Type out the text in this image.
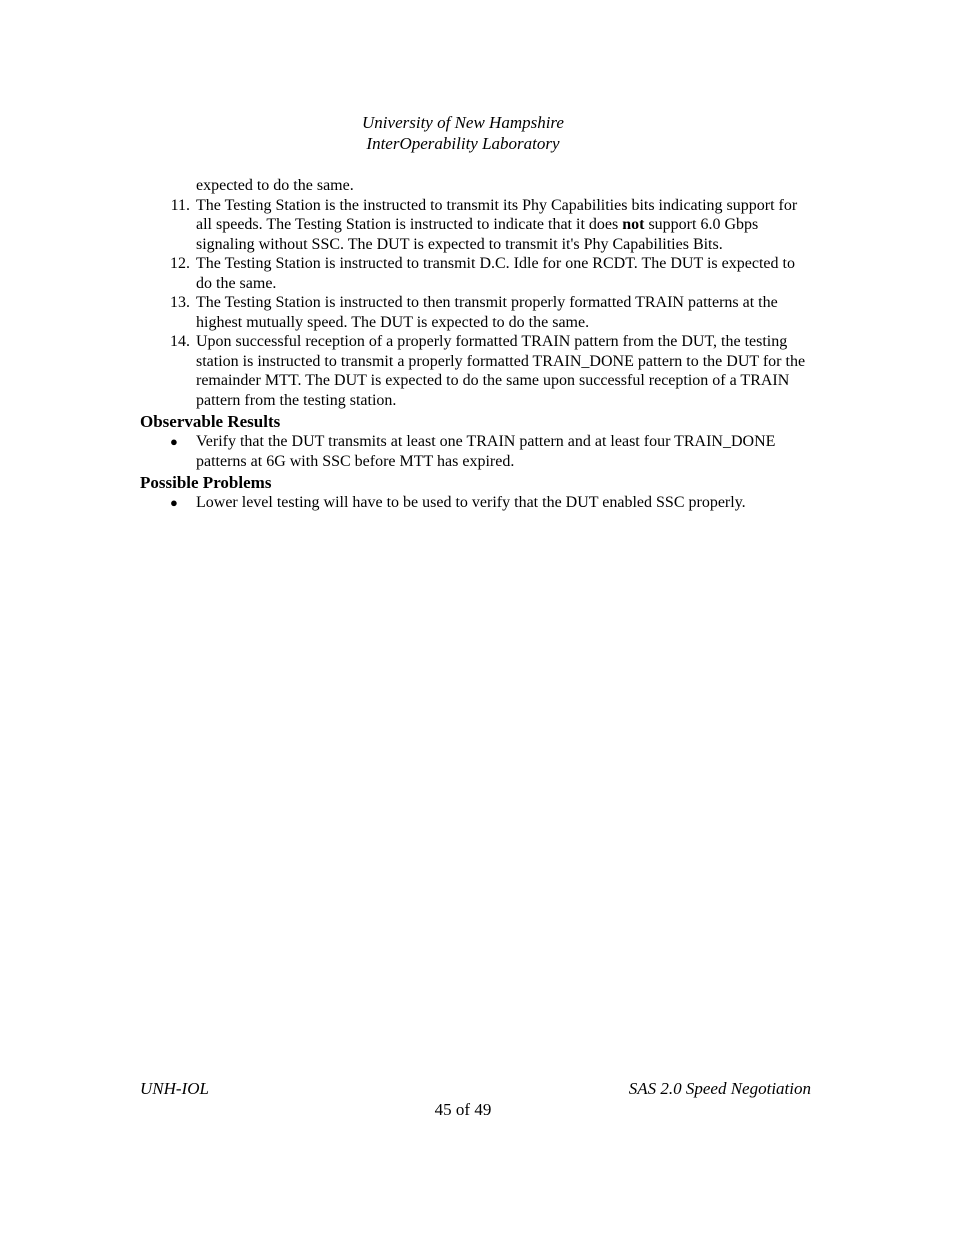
University of New Hampshire
InterOperability Laboratory
expected to do the same.
11. The Testing Station is the instructed to transmit its Phy Capabilities bits indicating support for all speeds. The Testing Station is instructed to indicate that it does not support 6.0 Gbps signaling without SSC. The DUT is expected to transmit it's Phy Capabilities Bits.
12. The Testing Station is instructed to transmit D.C. Idle for one RCDT. The DUT is expected to do the same.
13. The Testing Station is instructed to then transmit properly formatted TRAIN patterns at the highest mutually speed. The DUT is expected to do the same.
14. Upon successful reception of a properly formatted TRAIN pattern from the DUT, the testing station is instructed to transmit a properly formatted TRAIN_DONE pattern to the DUT for the remainder MTT. The DUT is expected to do the same upon successful reception of a TRAIN pattern from the testing station.
Observable Results
●	Verify that the DUT transmits at least one TRAIN pattern and at least four TRAIN_DONE patterns at 6G with SSC before MTT has expired.
Possible Problems
●	Lower level testing will have to be used to verify that the DUT enabled SSC properly.
UNH-IOL	SAS 2.0 Speed Negotiation
45 of 49
